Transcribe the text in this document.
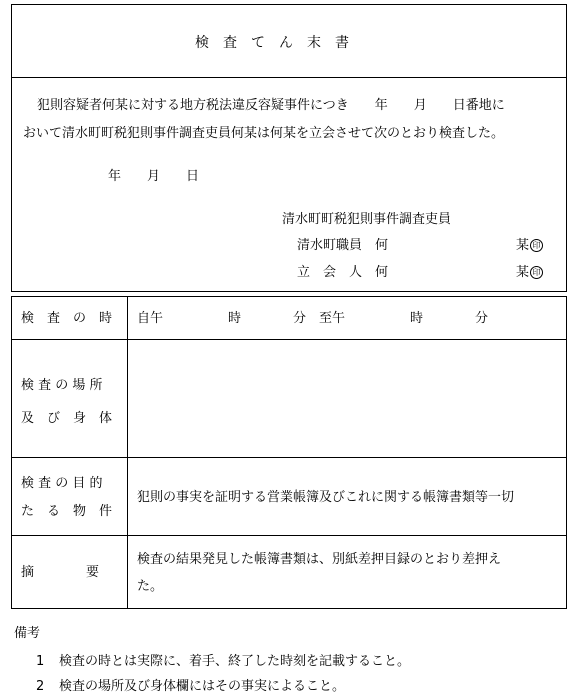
検　査　て　ん　末　書
犯則容疑者何某に対する地方税法違反容疑事件につき　　年　　月　　日番地に
おいて清水町町税犯則事件調査吏員何某は何某を立会させて次のとおり検査した。
年　　月　　日
清水町町税犯則事件調査吏員
清水町職員　何	某 印
立　会　人　何	某 印
検　査　の　時 自午　　　　　時　　　　分　至午　　　　　時　　　　分
検 査 の 場 所
及　び　身　体
検 査 の 目 的
た　る　物　件
犯則の事実を証明する営業帳簿及びこれに関する帳簿書類等一切
摘　　　　要
検査の結果発見した帳簿書類は、別紙差押目録のとおり差押え
た。
備考
1 検査の時とは実際に、着手、終了した時刻を記載すること。
2 検査の場所及び身体欄にはその事実によること。
